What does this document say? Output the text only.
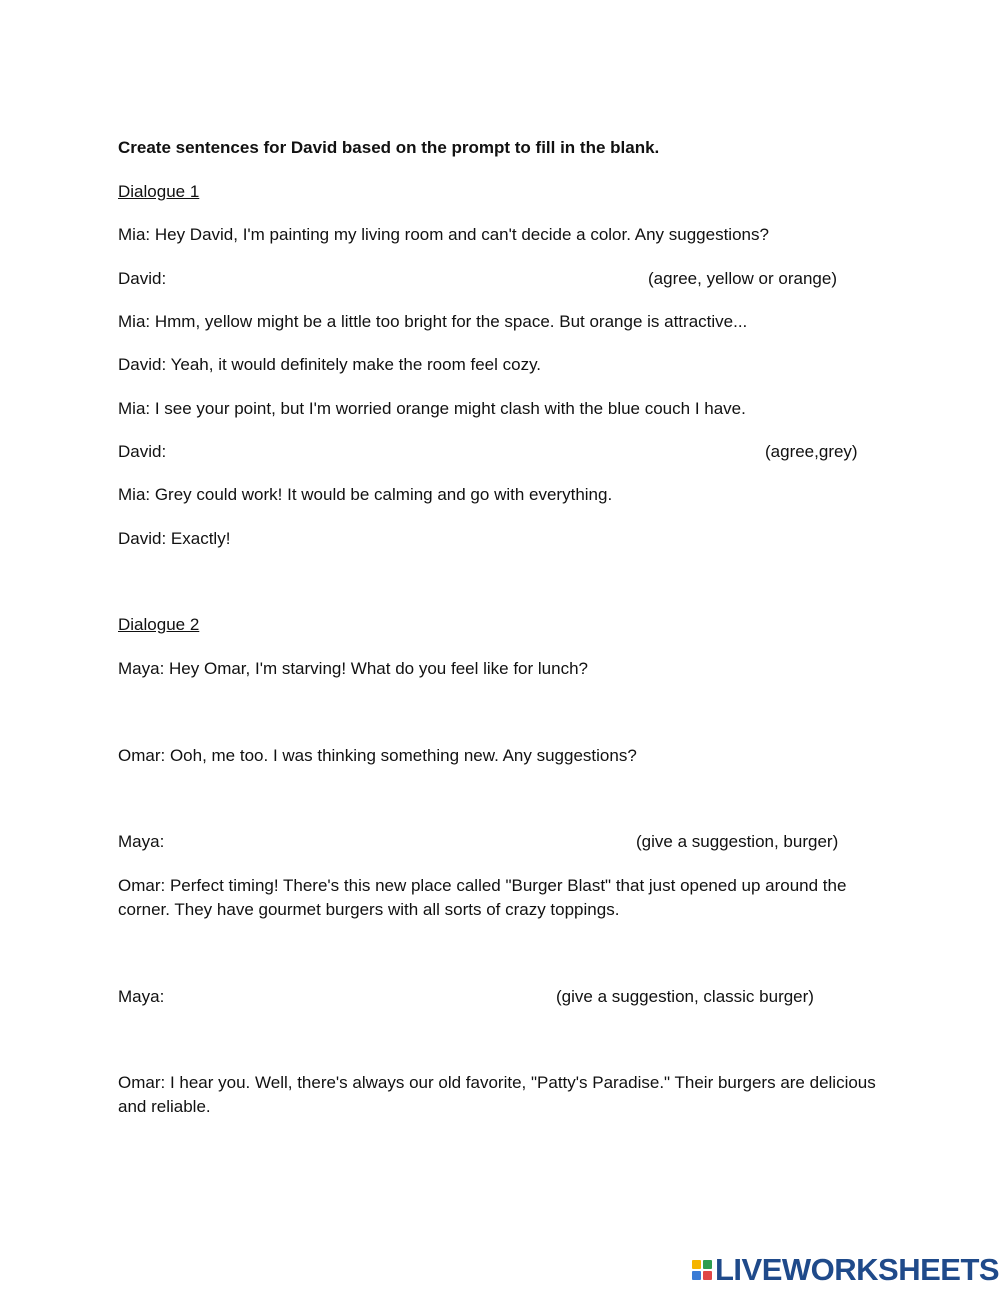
Create sentences for David based on the prompt to fill in the blank.
Dialogue 1
Mia: Hey David, I'm painting my living room and can't decide a color. Any suggestions?
David:	(agree, yellow or orange)
Mia: Hmm, yellow might be a little too bright for the space. But orange is attractive...
David: Yeah, it would definitely make the room feel cozy.
Mia: I see your point, but I'm worried orange might clash with the blue couch I have.
David:	(agree,grey)
Mia: Grey could work! It would be calming and go with everything.
David: Exactly!
Dialogue 2
Maya: Hey Omar, I'm starving! What do you feel like for lunch?
Omar: Ooh, me too. I was thinking something new. Any suggestions?
Maya:	(give a suggestion, burger)
Omar: Perfect timing! There's this new place called "Burger Blast" that just opened up around the corner. They have gourmet burgers with all sorts of crazy toppings.
Maya:	(give a suggestion, classic burger)
Omar: I hear you. Well, there's always our old favorite, "Patty's Paradise." Their burgers are delicious and reliable.
LIVEWORKSHEETS
